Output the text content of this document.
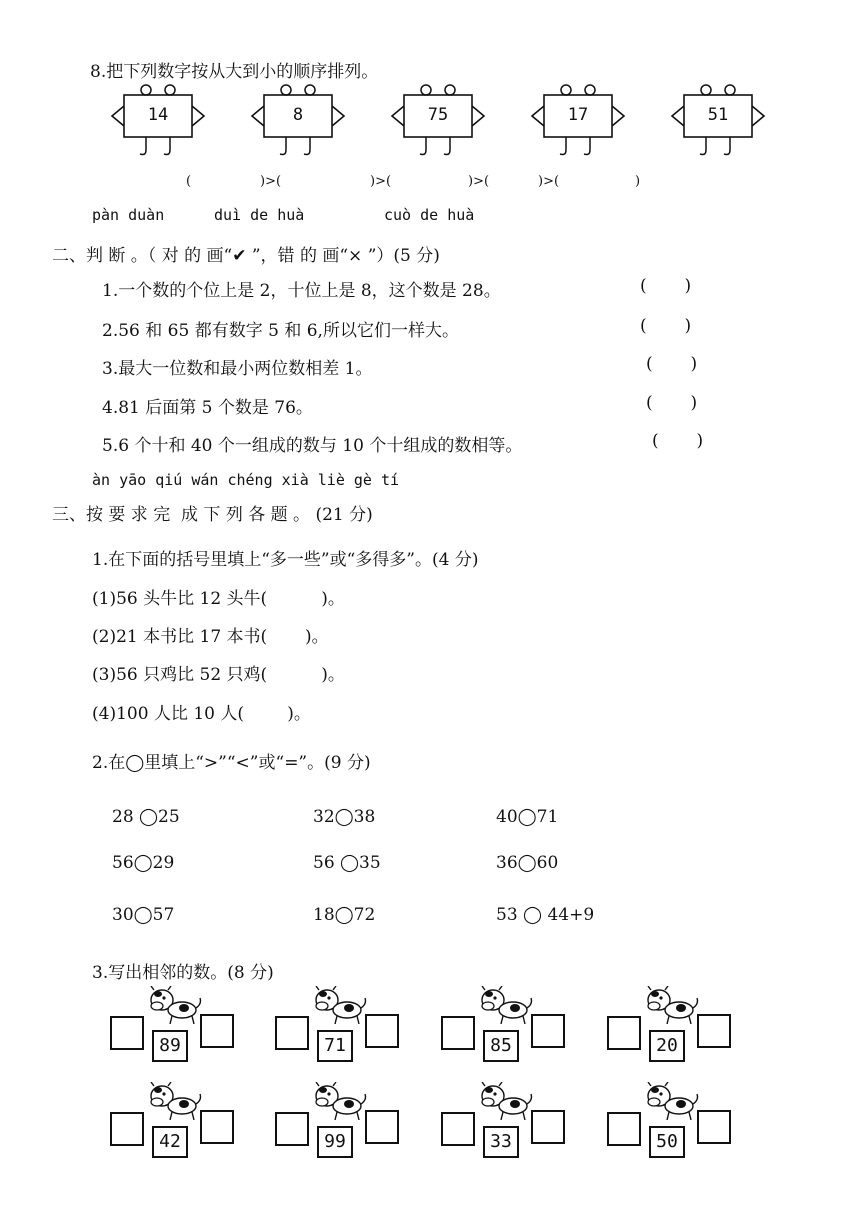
8.把下列数字按从大到小的顺序排列。
14	8	75	17	51
(	)>(	)>(	)>(	)>(	)
pàn duàn	duì de huà	cuò de huà
二、判 断 。（ 对 的 画“✔ ”，错 的 画“× ”）(5 分)
1.一个数的个位上是 2，十位上是 8，这个数是 28。	(       )
2.56 和 65 都有数字 5 和 6,所以它们一样大。	(       )
3.最大一位数和最小两位数相差 1。	(       )
4.81 后面第 5 个数是 76。	(       )
5.6 个十和 40 个一组成的数与 10 个十组成的数相等。	(       )
àn yāo qiú wán chéng xià liè gè tí
三、按 要 求 完  成 下 列 各 题 。 (21 分)
1.在下面的括号里填上“多一些”或“多得多”。(4 分)
(1)56 头牛比 12 头牛(          )。
(2)21 本书比 17 本书(       )。
(3)56 只鸡比 52 只鸡(          )。
(4)100 人比 10 人(        )。
2.在◯里填上“>”“<”或“=”。(9 分)
28 ◯25	32◯38	40◯71
56◯29	56 ◯35	36◯60
30◯57	18◯72	53 ◯ 44+9
3.写出相邻的数。(8 分)
89	71	85	20
42	99	33	50
